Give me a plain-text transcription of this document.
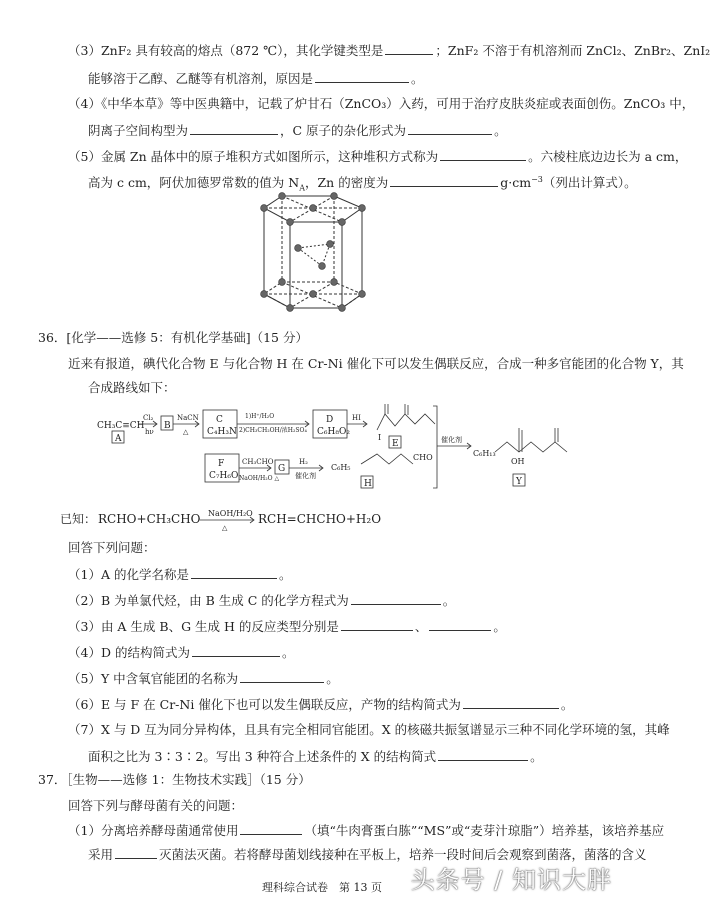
（3）ZnF₂ 具有较高的熔点（872 ℃），其化学键类型是	；ZnF₂ 不溶于有机溶剂而 ZnCl₂、ZnBr₂、ZnI₂
能够溶于乙醇、乙醚等有机溶剂，原因是	。
（4）《中华本草》等中医典籍中，记载了炉甘石（ZnCO₃）入药，可用于治疗皮肤炎症或表面创伤。ZnCO₃ 中，
阴离子空间构型为	，C 原子的杂化形式为	。
（5）金属 Zn 晶体中的原子堆积方式如图所示，这种堆积方式称为	。六棱柱底边边长为 a cm，
高为 c cm，阿伏加德罗常数的值为 $N_A$，Zn 的密度为	$g\cdot cm^{-3}$（列出计算式）。
36．[化学——选修 5：有机化学基础]（15 分）
近来有报道，碘代化合物 E 与化合物 H 在 Cr-Ni 催化下可以发生偶联反应，合成一种多官能团的化合物 Y，其
合成路线如下：
CH₃C≡CH
A
Cl₂
hν
B
NaCN
△
C
C₄H₃N
1)H⁺/H₂O
2)CH₃CH₂OH/浓H₂SO₄
D
C₆H₈O₂
HI
I
E	催化剂
C₆H₁₃
OH
Y
F
C₇H₆O
CH₃CHO
NaOH/H₂O △
G
H₂
催化剂
C₆H₅
CHO
H
已知： RCHO+CH₃CHO NaOH/H₂O
△
RCH=CHCHO+H₂O
回答下列问题：
（1）A 的化学名称是	。
（2）B 为单氯代烃，由 B 生成 C 的化学方程式为	。
（3）由 A 生成 B、G 生成 H 的反应类型分别是	、	。
（4）D 的结构简式为	。
（5）Y 中含氧官能团的名称为	。
（6）E 与 F 在 Cr-Ni 催化下也可以发生偶联反应，产物的结构简式为	。
（7）X 与 D 互为同分异构体，且具有完全相同官能团。X 的核磁共振氢谱显示三种不同化学环境的氢，其峰
面积之比为 3∶3∶2。写出 3 种符合上述条件的 X 的结构简式	。
37．［生物——选修 1：生物技术实践］（15 分）
回答下列与酵母菌有关的问题：
（1）分离培养酵母菌通常使用	（填“牛肉膏蛋白胨”“MS”或“麦芽汁琼脂”）培养基，该培养基应
采用	灭菌法灭菌。若将酵母菌划线接种在平板上，培养一段时间后会观察到菌落，菌落的含义
理科综合试卷　第 13 页 头条号 / 知识大胖
